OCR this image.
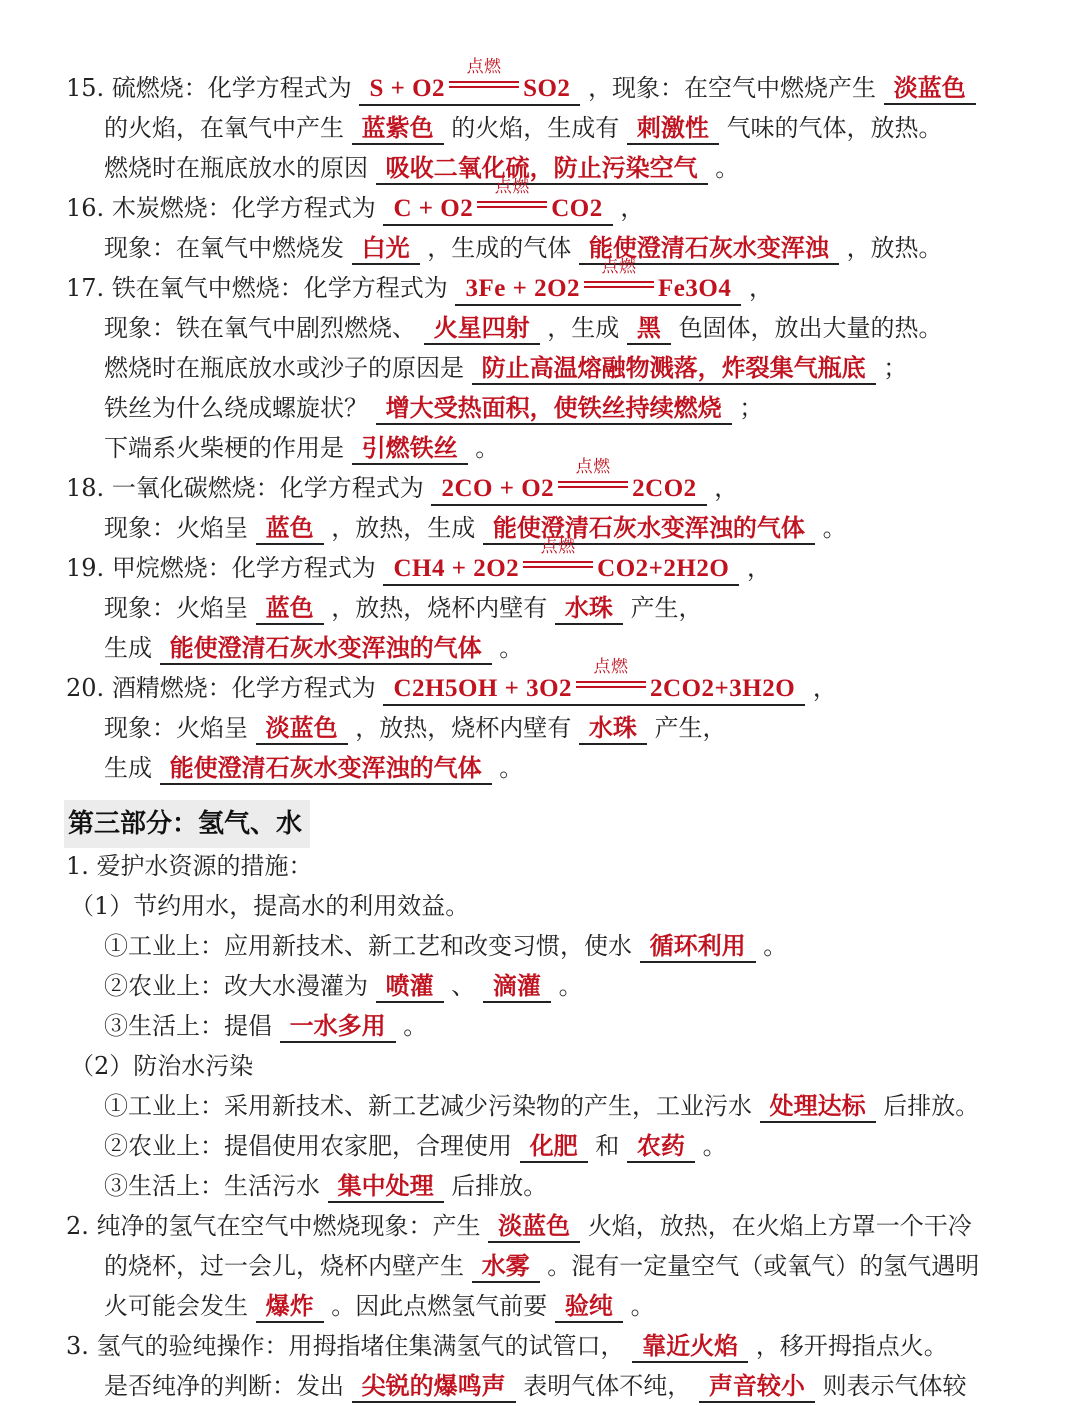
15. 硫燃烧：化学方程式为 S + O2
点燃
SO2 ，现象：在空气中燃烧产生 淡蓝色
的火焰，在氧气中产生 蓝紫色 的火焰，生成有 刺激性 气味的气体，放热。
燃烧时在瓶底放水的原因 吸收二氧化硫，防止污染空气 。
16. 木炭燃烧：化学方程式为 C + O2
点燃
CO2 ，
现象：在氧气中燃烧发 白光 ，生成的气体 能使澄清石灰水变浑浊 ，放热。
17. 铁在氧气中燃烧：化学方程式为 3Fe + 2O2
点燃
Fe3O4 ，
现象：铁在氧气中剧烈燃烧、 火星四射 ，生成 黑 色固体，放出大量的热。
燃烧时在瓶底放水或沙子的原因是 防止高温熔融物溅落，炸裂集气瓶底 ；
铁丝为什么绕成螺旋状？ 增大受热面积，使铁丝持续燃烧 ；
下端系火柴梗的作用是 引燃铁丝 。
18. 一氧化碳燃烧：化学方程式为 2CO + O2
点燃
2CO2 ，
现象：火焰呈 蓝色 ，放热，生成 能使澄清石灰水变浑浊的气体 。
19. 甲烷燃烧：化学方程式为 CH4 + 2O2
点燃
CO2+2H2O ，
现象：火焰呈 蓝色 ，放热，烧杯内壁有 水珠 产生，
生成 能使澄清石灰水变浑浊的气体 。
20. 酒精燃烧：化学方程式为 C2H5OH + 3O2
点燃
2CO2+3H2O ，
现象：火焰呈 淡蓝色 ，放热，烧杯内壁有 水珠 产生，
生成 能使澄清石灰水变浑浊的气体 。
第三部分：氢气、水
1. 爱护水资源的措施：
（1）节约用水，提高水的利用效益。
①工业上：应用新技术、新工艺和改变习惯，使水 循环利用 。
②农业上：改大水漫灌为 喷灌 、 滴灌 。
③生活上：提倡 一水多用 。
（2）防治水污染
①工业上：采用新技术、新工艺减少污染物的产生，工业污水 处理达标 后排放。
②农业上：提倡使用农家肥，合理使用 化肥 和 农药 。
③生活上：生活污水 集中处理 后排放。
2. 纯净的氢气在空气中燃烧现象：产生 淡蓝色 火焰，放热，在火焰上方罩一个干冷
的烧杯，过一会儿，烧杯内壁产生 水雾 。混有一定量空气（或氧气）的氢气遇明
火可能会发生 爆炸 。因此点燃氢气前要 验纯 。
3. 氢气的验纯操作：用拇指堵住集满氢气的试管口， 靠近火焰 ，移开拇指点火。
是否纯净的判断：发出 尖锐的爆鸣声 表明气体不纯， 声音较小 则表示气体较
